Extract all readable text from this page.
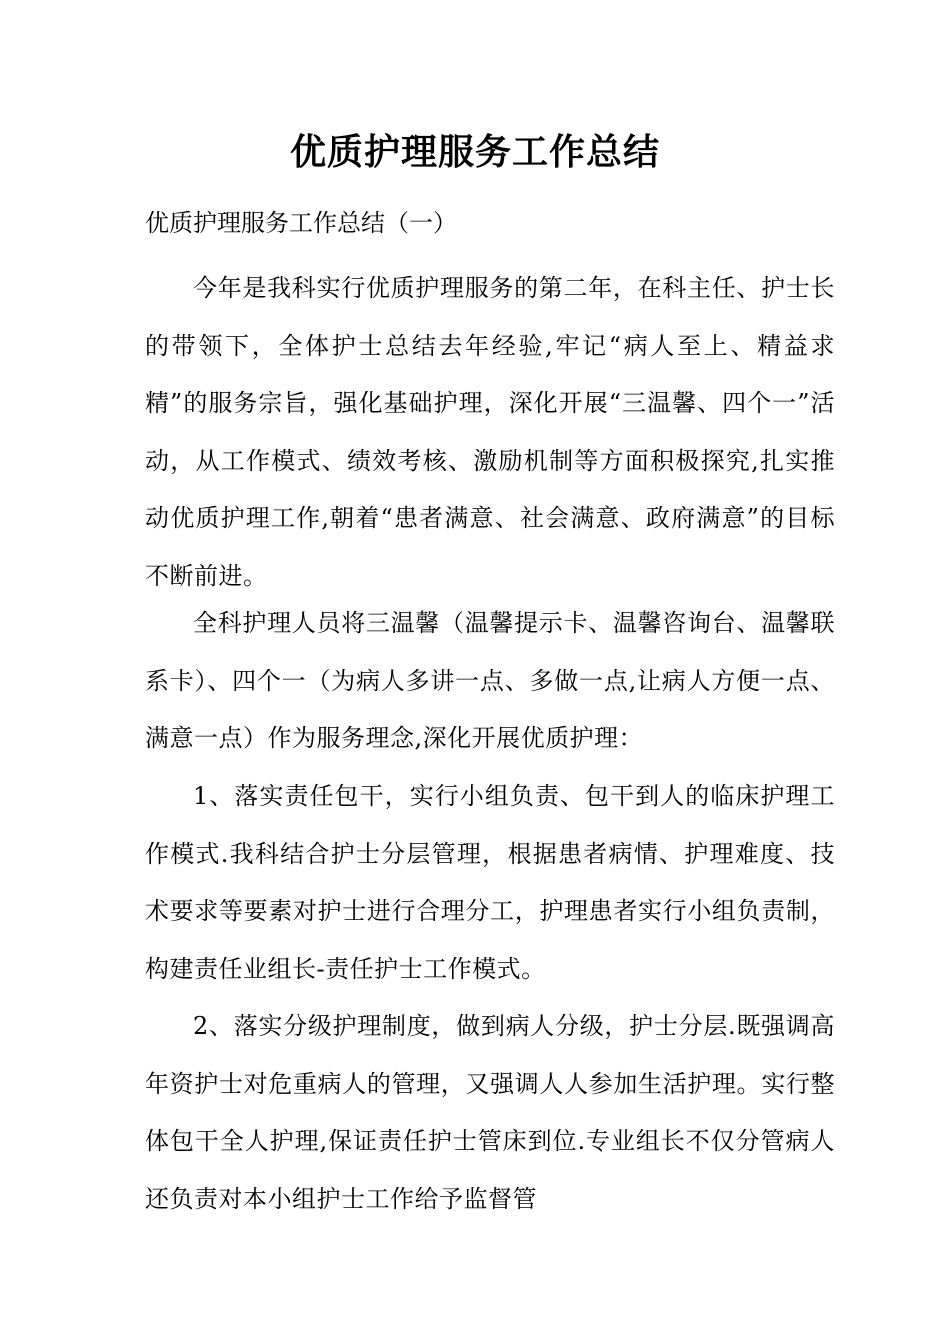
优质护理服务工作总结
优质护理服务工作总结（一）

今年是我科实行优质护理服务的第二年，在科主任、护士长的带领下，全体护士总结去年经验,牢记“病人至上、精益求精”的服务宗旨，强化基础护理，深化开展“三温馨、四个一”活动，从工作模式、绩效考核、激励机制等方面积极探究,扎实推动优质护理工作,朝着“患者满意、社会满意、政府满意”的目标不断前进。

全科护理人员将三温馨（温馨提示卡、温馨咨询台、温馨联系卡）、四个一（为病人多讲一点、多做一点,让病人方便一点、满意一点）作为服务理念,深化开展优质护理：

1、落实责任包干，实行小组负责、包干到人的临床护理工作模式.我科结合护士分层管理，根据患者病情、护理难度、技术要求等要素对护士进行合理分工，护理患者实行小组负责制，构建责任业组长-责任护士工作模式。

2、落实分级护理制度，做到病人分级，护士分层.既强调高年资护士对危重病人的管理，又强调人人参加生活护理。实行整体包干全人护理,保证责任护士管床到位.专业组长不仅分管病人还负责对本小组护士工作给予监督管
